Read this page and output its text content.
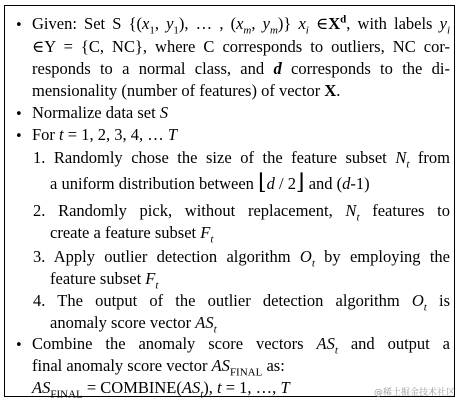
• Given: Set S {($x_1$, $y_1$), … , ($x_m$, $y_m$)} $x_i$ $\in X^d$, with labels $y_i$
∈Y = {C, NC}, where C corresponds to outliers, NC cor-
responds to a normal class, and d corresponds to the di-
mensionality (number of features) of vector X.
• Normalize data set S
• For t = 1, 2, 3, 4, … T
1. Randomly chose the size of the feature subset $N_t$ from
a uniform distribution between ⌊d / 2⌋ and (d-1)
2. Randomly pick, without replacement, $N_t$ features to
create a feature subset $F_t$
3. Apply outlier detection algorithm $O_t$ by employing the
feature subset $F_t$
4. The output of the outlier detection algorithm $O_t$ is
anomaly score vector $AS_t$
• Combine the anomaly score vectors $AS_t$ and output a
final anomaly score vector $AS_{FINAL}$ as:
$AS_{FINAL}$ = $COMBINE(AS_t)$, t = 1, …, T	@稀土掘金技术社区
